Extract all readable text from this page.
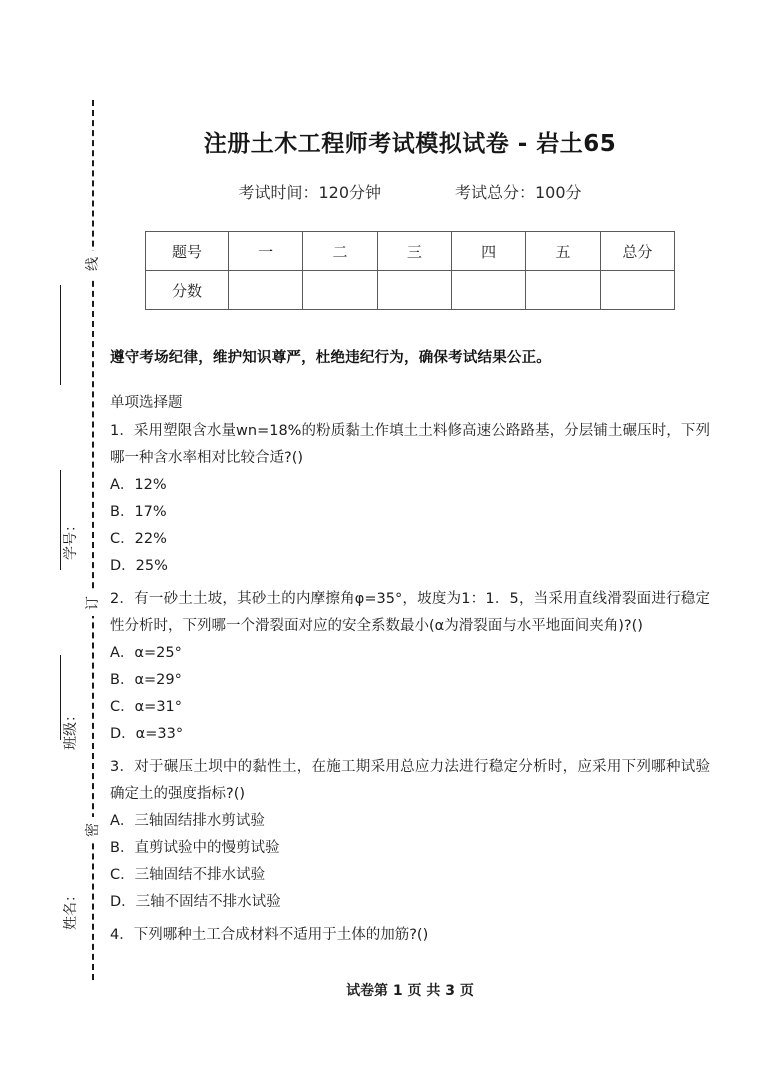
线
订
密
学号：
班级：
姓名：
注册土木工程师考试模拟试卷 - 岩土65
考试时间：120分钟	考试总分：100分
题号	一	二	三	四	五	总分
分数						

遵守考场纪律，维护知识尊严，杜绝违纪行为，确保考试结果公正。

单项选择题

1．采用塑限含水量wn=18%的粉质黏土作填土土料修高速公路路基，分层铺土碾压时，下列哪一种含水率相对比较合适?()
A．12%
B．17%
C．22%
D．25%
2．有一砂土土坡，其砂土的内摩擦角φ=35°，坡度为1：1．5，当采用直线滑裂面进行稳定性分析时，下列哪一个滑裂面对应的安全系数最小(α为滑裂面与水平地面间夹角)?()
A．α=25°
B．α=29°
C．α=31°
D．α=33°
3．对于碾压土坝中的黏性土，在施工期采用总应力法进行稳定分析时，应采用下列哪种试验确定土的强度指标?()
A．三轴固结排水剪试验
B．直剪试验中的慢剪试验
C．三轴固结不排水试验
D．三轴不固结不排水试验
4．下列哪种土工合成材料不适用于土体的加筋?()
试卷第 1 页 共 3 页
